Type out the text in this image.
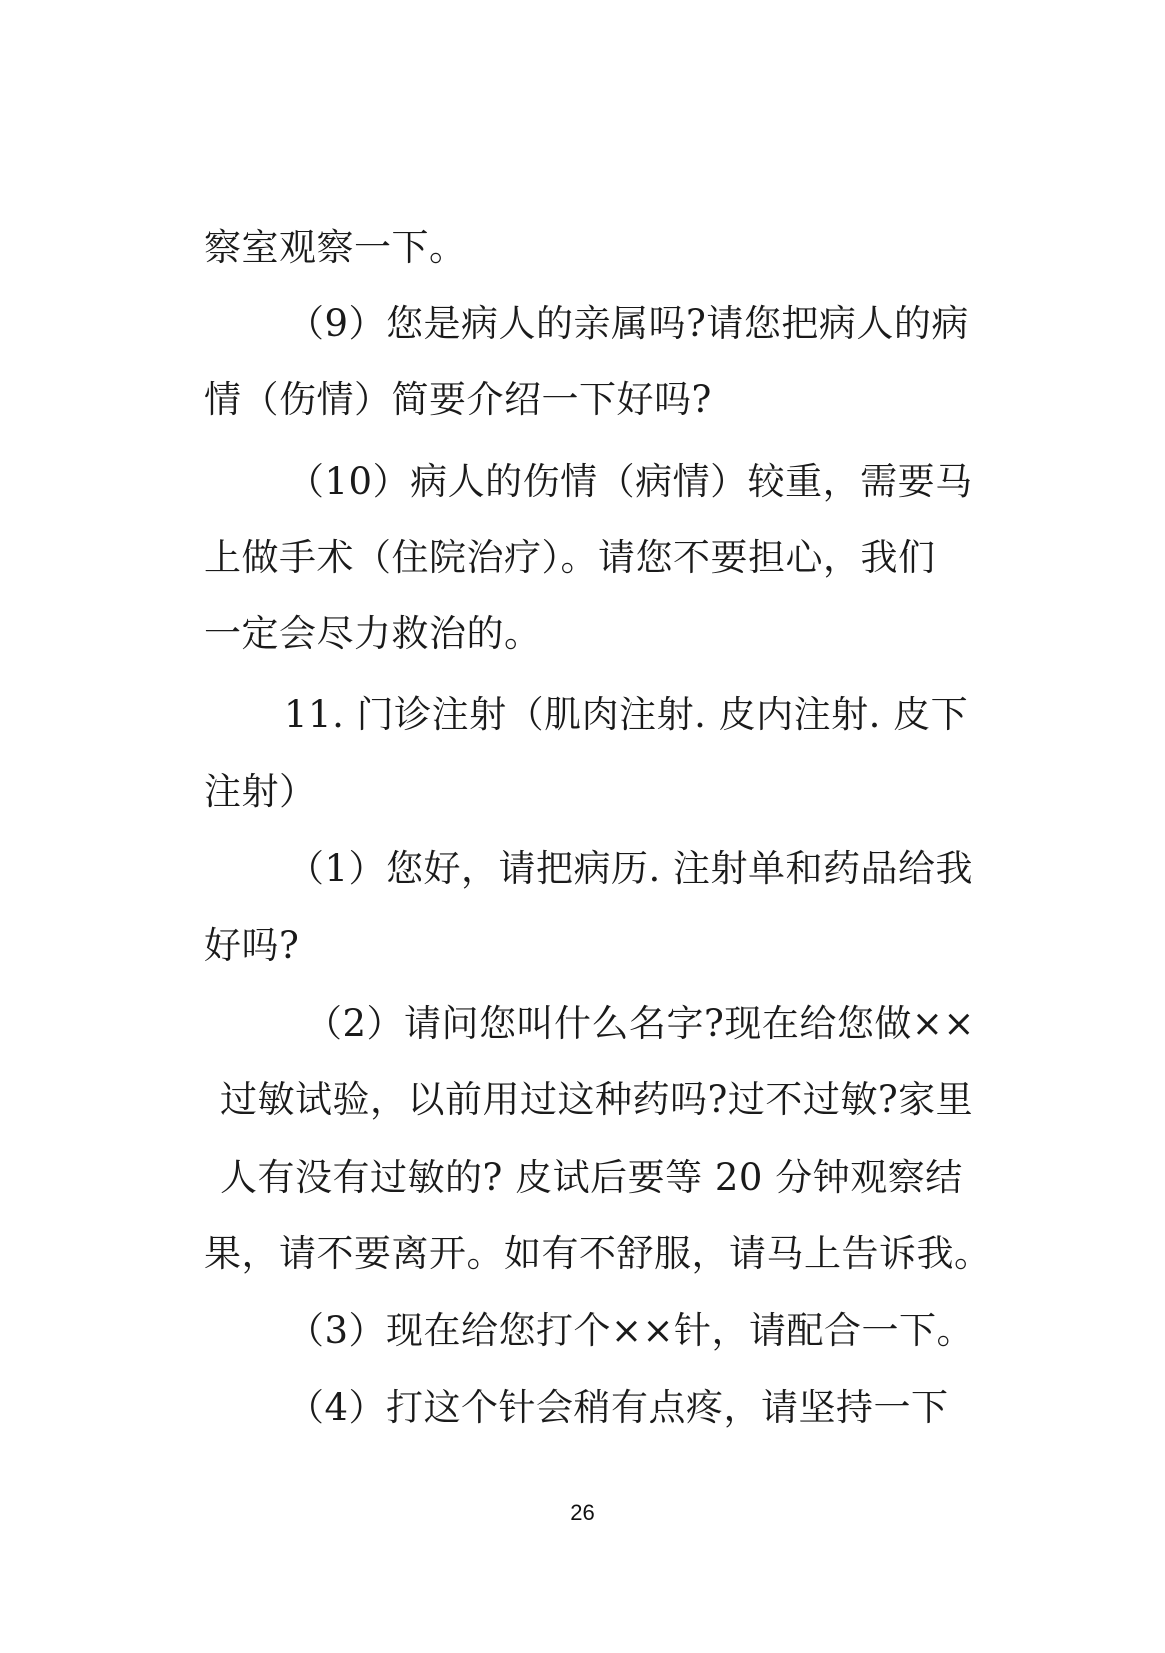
察室观察一下。
（9）您是病人的亲属吗?请您把病人的病
情（伤情）简要介绍一下好吗?
（10）病人的伤情（病情）较重，需要马
上做手术（住院治疗）。请您不要担心，我们
一定会尽力救治的。
11. 门诊注射（肌肉注射. 皮内注射. 皮下
注射）
（1）您好，请把病历. 注射单和药品给我
好吗?
（2）请问您叫什么名字?现在给您做××
过敏试验，以前用过这种药吗?过不过敏?家里
人有没有过敏的? 皮试后要等 20 分钟观察结
果，请不要离开。如有不舒服，请马上告诉我。
（3）现在给您打个××针，请配合一下。
（4）打这个针会稍有点疼，请坚持一下
26
